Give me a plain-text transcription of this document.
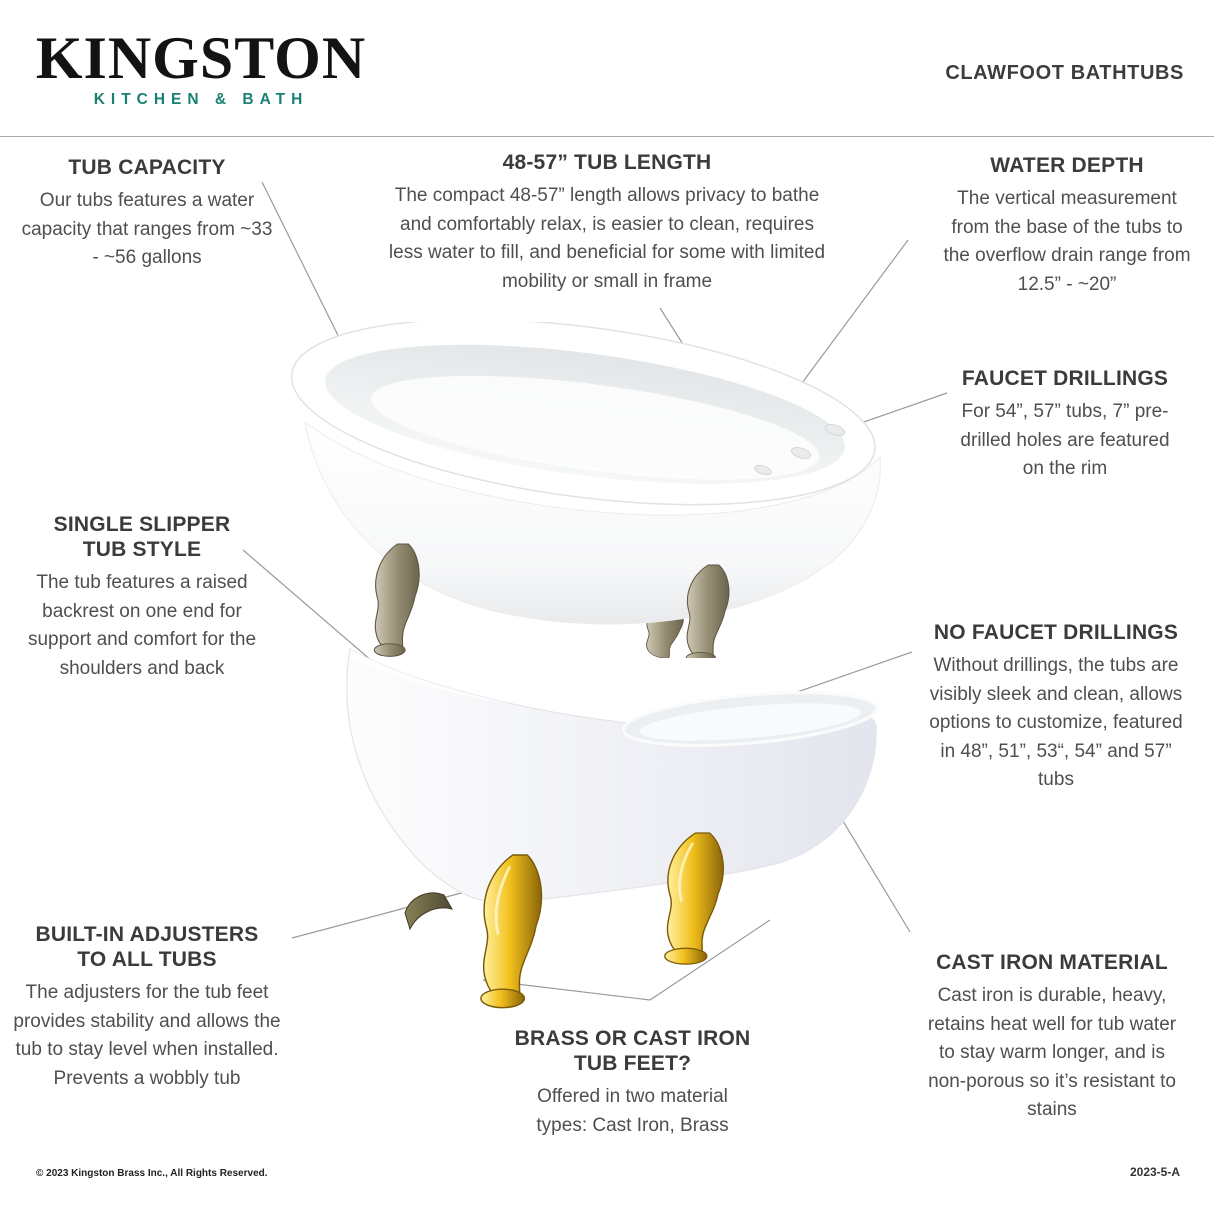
KINGSTON
KITCHEN & BATH
CLAWFOOT BATHTUBS
TUB CAPACITY

Our tubs features a water capacity that ranges from ~33 - ~56 gallons

48-57” TUB LENGTH

The compact 48-57” length allows privacy to bathe and comfortably relax, is easier to clean, requires less water to fill, and beneficial for some with limited mobility or small in frame

WATER DEPTH

The vertical measurement from the base of the tubs to the overflow drain range from 12.5” - ~20”

FAUCET DRILLINGS

For 54”, 57” tubs, 7” pre-drilled holes are featured on the rim

SINGLE SLIPPER TUB STYLE

The tub features a raised backrest on one end for support and comfort for the shoulders and back

NO FAUCET DRILLINGS

Without drillings, the tubs are visibly sleek and clean, allows options to customize, featured in 48”, 51”, 53“, 54” and 57” tubs

BUILT-IN ADJUSTERS TO ALL TUBS

The adjusters for the tub feet provides stability and allows the tub to stay level when installed. Prevents a wobbly tub

BRASS OR CAST IRON TUB FEET?

Offered in two material types: Cast Iron, Brass

CAST IRON MATERIAL

Cast iron is durable, heavy, retains heat well for tub water to stay warm longer, and is non-porous so it’s resistant to stains

© 2023 Kingston Brass Inc., All Rights Reserved.	2023-5-A
